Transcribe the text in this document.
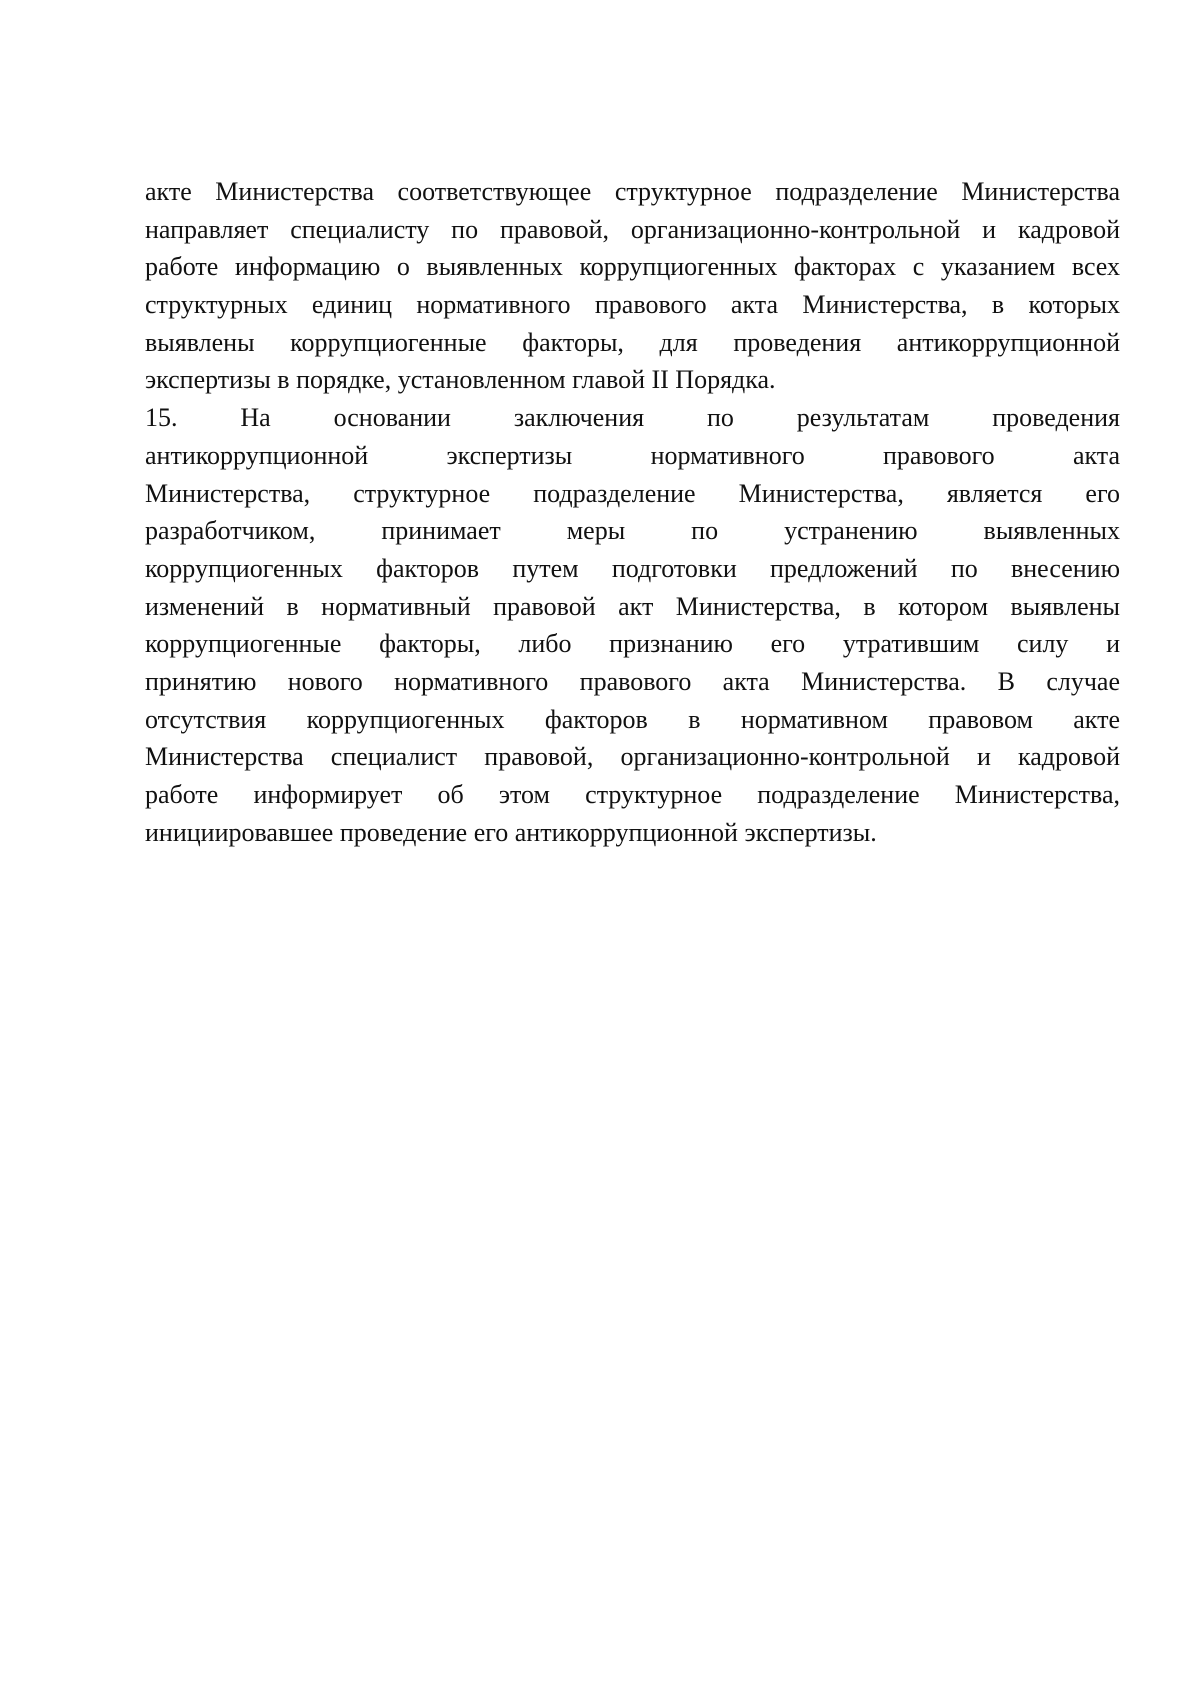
акте Министерства соответствующее структурное подразделение Министерства
направляет специалисту по правовой, организационно-контрольной и кадровой
работе информацию о выявленных коррупциогенных факторах с указанием всех
структурных единиц нормативного правового акта Министерства, в которых
выявлены коррупциогенные факторы, для проведения антикоррупционной
экспертизы в порядке, установленном главой II Порядка.
15. На основании заключения по результатам проведения
антикоррупционной экспертизы нормативного правового акта
Министерства, структурное подразделение Министерства, является его
разработчиком, принимает меры по устранению выявленных
коррупциогенных факторов путем подготовки предложений по внесению
изменений в нормативный правовой акт Министерства, в котором выявлены
коррупциогенные факторы, либо признанию его утратившим силу и
принятию нового нормативного правового акта Министерства. В случае
отсутствия коррупциогенных факторов в нормативном правовом акте
Министерства специалист правовой, организационно-контрольной и кадровой
работе информирует об этом структурное подразделение Министерства,
инициировавшее проведение его антикоррупционной экспертизы.
